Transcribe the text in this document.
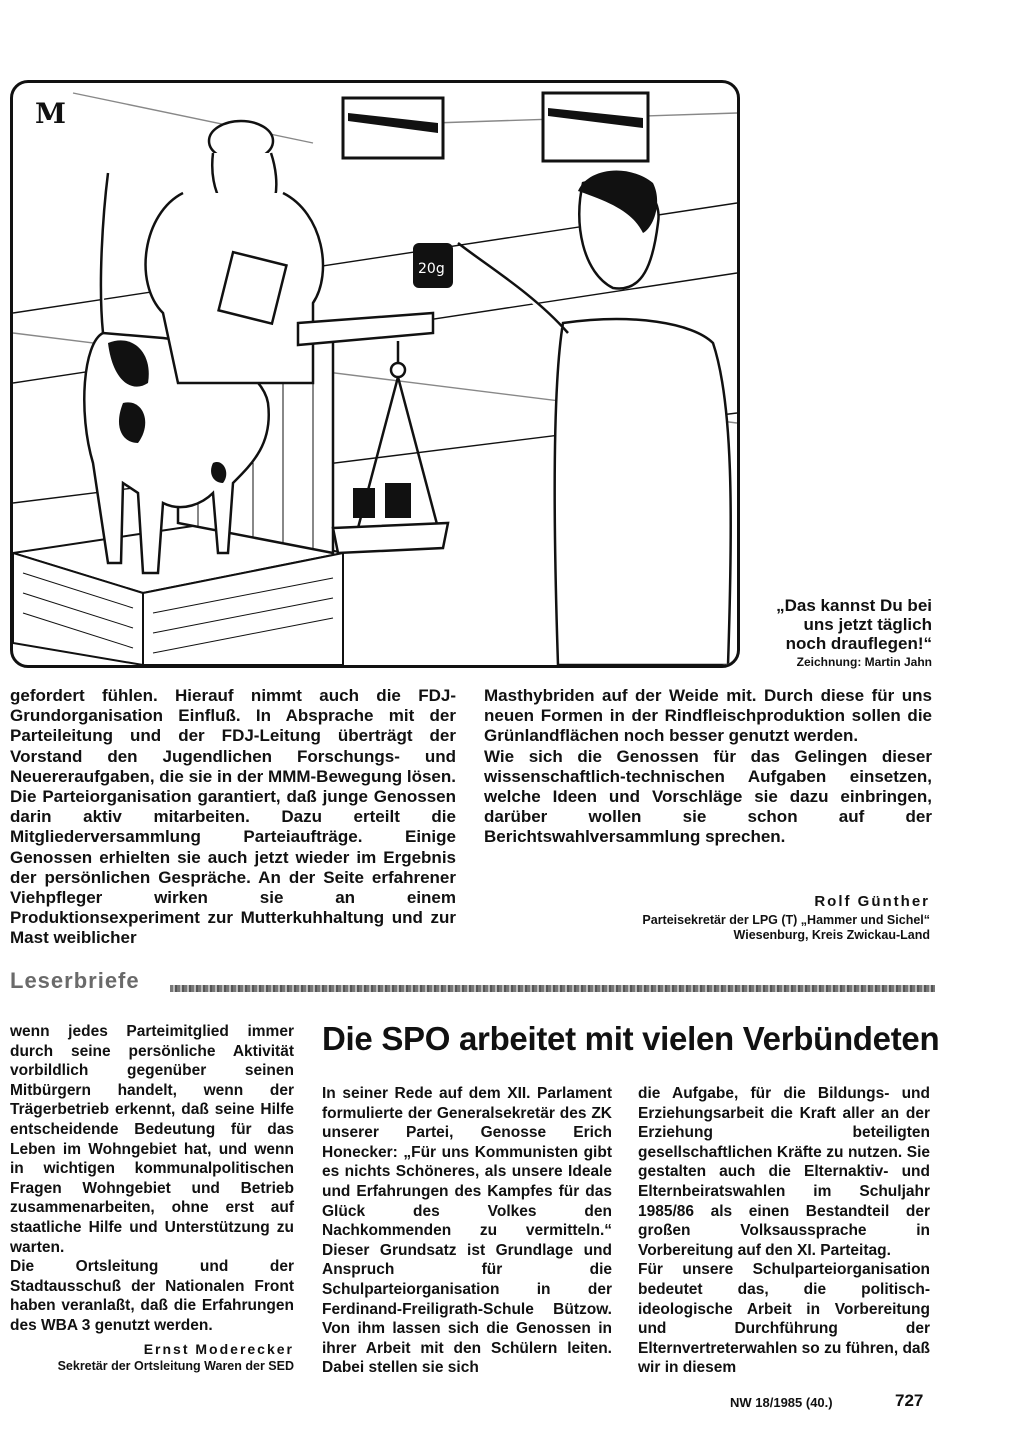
20g
M
„Das kannst Du bei
uns jetzt täglich
noch drauflegen!“
Zeichnung: Martin Jahn

gefordert fühlen. Hierauf nimmt auch die FDJ-Grundorganisation Einfluß. In Absprache mit der Parteileitung und der FDJ-Leitung überträgt der Vorstand den Jugendlichen Forschungs- und Neuereraufgaben, die sie in der MMM-Bewegung lösen. Die Parteiorganisation garantiert, daß junge Genossen darin aktiv mitarbeiten. Dazu erteilt die Mitgliederversammlung Parteiaufträge. Einige Genossen erhielten sie auch jetzt wieder im Ergebnis der persönlichen Gespräche. An der Seite erfahrener Viehpfleger wirken sie an einem Produktionsexperiment zur Mutterkuhhaltung und zur Mast weiblicher

Masthybriden auf der Weide mit. Durch diese für uns neuen Formen in der Rindfleischproduktion sollen die Grünlandflächen noch besser genutzt werden.

Wie sich die Genossen für das Gelingen dieser wissenschaftlich-technischen Aufgaben einsetzen, welche Ideen und Vorschläge sie dazu einbringen, darüber wollen sie schon auf der Berichtswahlversammlung sprechen.

Rolf Günther
Parteisekretär der LPG (T) „Hammer und Sichel“
Wiesenburg, Kreis Zwickau-Land
Leserbriefe

wenn jedes Parteimitglied immer durch seine persönliche Aktivität vorbildlich gegenüber seinen Mitbürgern handelt, wenn der Trägerbetrieb erkennt, daß seine Hilfe entscheidende Bedeutung für das Leben im Wohngebiet hat, und wenn in wichtigen kommunalpolitischen Fragen Wohngebiet und Betrieb zusammenarbeiten, ohne erst auf staatliche Hilfe und Unterstützung zu warten.

Die Ortsleitung und der Stadtausschuß der Nationalen Front haben veranlaßt, daß die Erfahrungen des WBA 3 genutzt werden.

Ernst Moderecker
Sekretär der Ortsleitung Waren der SED
Die SPO arbeitet mit vielen Verbündeten

In seiner Rede auf dem XII. Parlament formulierte der Generalsekretär des ZK unserer Partei, Genosse Erich Honecker: „Für uns Kommunisten gibt es nichts Schöneres, als unsere Ideale und Erfahrungen des Kampfes für das Glück des Volkes den Nachkommenden zu vermitteln.“ Dieser Grundsatz ist Grundlage und Anspruch für die Schulparteiorganisation in der Ferdinand-Freiligrath-Schule Bützow. Von ihm lassen sich die Genossen in ihrer Arbeit mit den Schülern leiten. Dabei stellen sie sich

die Aufgabe, für die Bildungs- und Erziehungsarbeit die Kraft aller an der Erziehung beteiligten gesellschaftlichen Kräfte zu nutzen. Sie gestalten auch die Elternaktiv- und Elternbeiratswahlen im Schuljahr 1985/86 als einen Bestandteil der großen Volksaussprache in Vorbereitung auf den XI. Parteitag.

Für unsere Schulparteiorganisation bedeutet das, die politisch-ideologische Arbeit in Vorbereitung und Durchführung der Elternvertreterwahlen so zu führen, daß wir in diesem

NW 18/1985 (40.)	727
